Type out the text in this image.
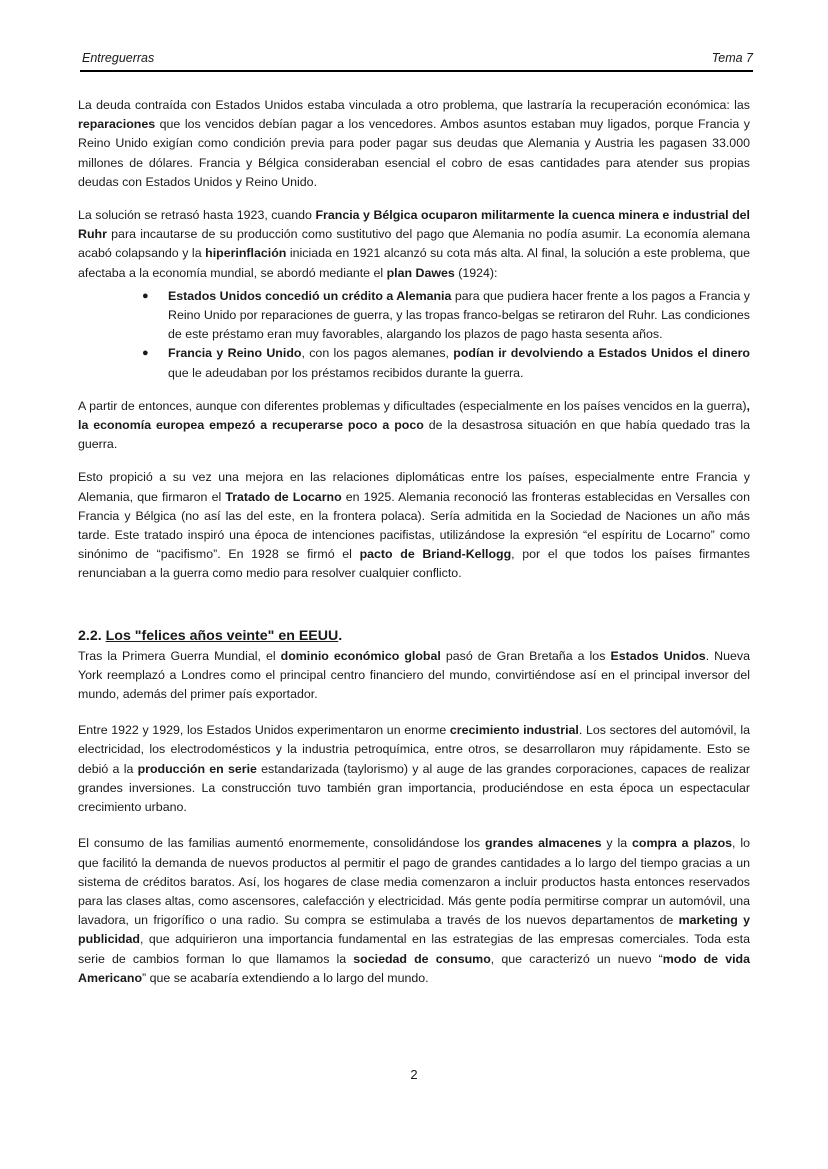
Entreguerras	Tema 7

La deuda contraída con Estados Unidos estaba vinculada a otro problema, que lastraría la recuperación económica: las reparaciones que los vencidos debían pagar a los vencedores. Ambos asuntos estaban muy ligados, porque Francia y Reino Unido exigían como condición previa para poder pagar sus deudas que Alemania y Austria les pagasen 33.000 millones de dólares. Francia y Bélgica consideraban esencial el cobro de esas cantidades para atender sus propias deudas con Estados Unidos y Reino Unido.

La solución se retrasó hasta 1923, cuando Francia y Bélgica ocuparon militarmente la cuenca minera e industrial del Ruhr para incautarse de su producción como sustitutivo del pago que Alemania no podía asumir. La economía alemana acabó colapsando y la hiperinflación iniciada en 1921 alcanzó su cota más alta. Al final, la solución a este problema, que afectaba a la economía mundial, se abordó mediante el plan Dawes (1924):

● Estados Unidos concedió un crédito a Alemania para que pudiera hacer frente a los pagos a Francia y Reino Unido por reparaciones de guerra, y las tropas franco-belgas se retiraron del Ruhr. Las condiciones de este préstamo eran muy favorables, alargando los plazos de pago hasta sesenta años.
● Francia y Reino Unido, con los pagos alemanes, podían ir devolviendo a Estados Unidos el dinero que le adeudaban por los préstamos recibidos durante la guerra.

A partir de entonces, aunque con diferentes problemas y dificultades (especialmente en los países vencidos en la guerra), la economía europea empezó a recuperarse poco a poco de la desastrosa situación en que había quedado tras la guerra.

Esto propició a su vez una mejora en las relaciones diplomáticas entre los países, especialmente entre Francia y Alemania, que firmaron el Tratado de Locarno en 1925. Alemania reconoció las fronteras establecidas en Versalles con Francia y Bélgica (no así las del este, en la frontera polaca). Sería admitida en la Sociedad de Naciones un año más tarde. Este tratado inspiró una época de intenciones pacifistas, utilizándose la expresión “el espíritu de Locarno” como sinónimo de “pacifismo”. En 1928 se firmó el pacto de Briand-Kellogg, por el que todos los países firmantes renunciaban a la guerra como medio para resolver cualquier conflicto.

2.2. Los "felices años veinte" en EEUU.

Tras la Primera Guerra Mundial, el dominio económico global pasó de Gran Bretaña a los Estados Unidos. Nueva York reemplazó a Londres como el principal centro financiero del mundo, convirtiéndose así en el principal inversor del mundo, además del primer país exportador.

Entre 1922 y 1929, los Estados Unidos experimentaron un enorme crecimiento industrial. Los sectores del automóvil, la electricidad, los electrodomésticos y la industria petroquímica, entre otros, se desarrollaron muy rápidamente. Esto se debió a la producción en serie estandarizada (taylorismo) y al auge de las grandes corporaciones, capaces de realizar grandes inversiones. La construcción tuvo también gran importancia, produciéndose en esta época un espectacular crecimiento urbano.

El consumo de las familias aumentó enormemente, consolidándose los grandes almacenes y la compra a plazos, lo que facilitó la demanda de nuevos productos al permitir el pago de grandes cantidades a lo largo del tiempo gracias a un sistema de créditos baratos. Así, los hogares de clase media comenzaron a incluir productos hasta entonces reservados para las clases altas, como ascensores, calefacción y electricidad. Más gente podía permitirse comprar un automóvil, una lavadora, un frigorífico o una radio. Su compra se estimulaba a través de los nuevos departamentos de marketing y publicidad, que adquirieron una importancia fundamental en las estrategias de las empresas comerciales. Toda esta serie de cambios forman lo que llamamos la sociedad de consumo, que caracterizó un nuevo “modo de vida Americano” que se acabaría extendiendo a lo largo del mundo.

2
